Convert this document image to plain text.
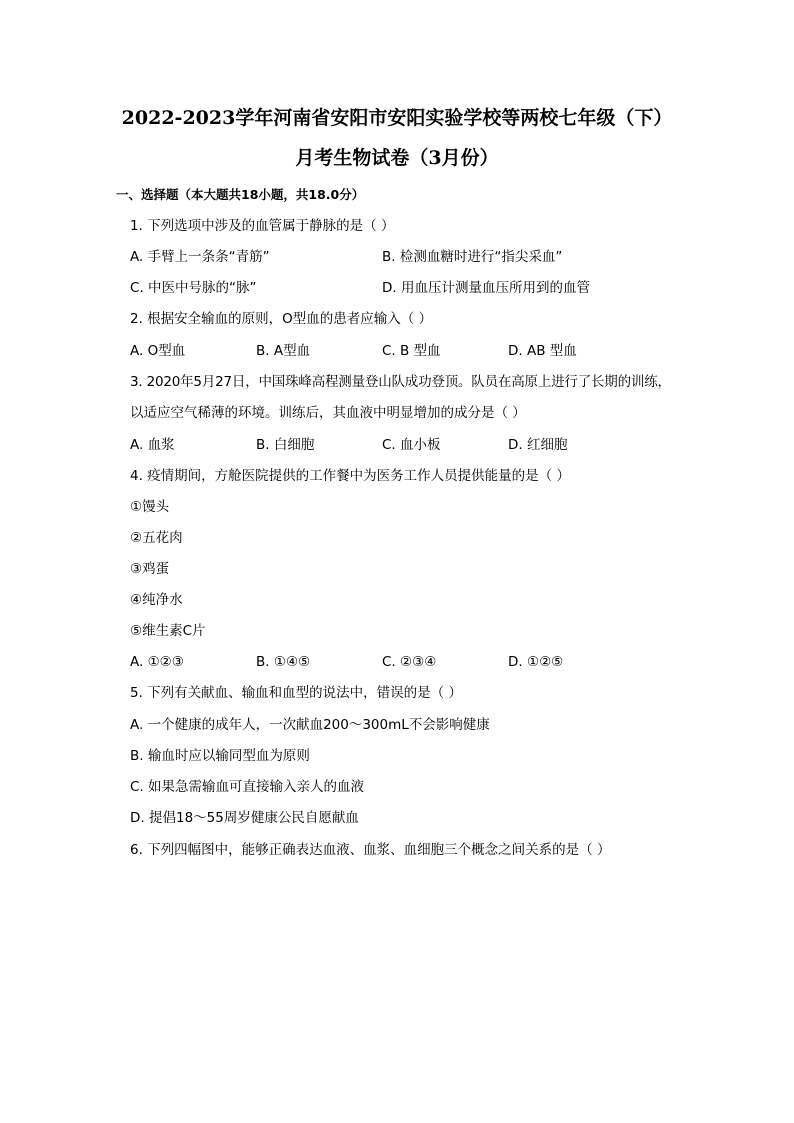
2022-2023学年河南省安阳市安阳实验学校等两校七年级（下）
月考生物试卷（3月份）
一、选择题（本大题共18小题，共18.0分）
1. 下列选项中涉及的血管属于静脉的是（ ）
A. 手臂上一条条“青筋”	B. 检测血糖时进行“指尖采血”
C. 中医中号脉的“脉”	D. 用血压计测量血压所用到的血管
2. 根据安全输血的原则，O型血的患者应输入（ ）
A. O型血	B. A型血	C. B 型血	D. AB 型血
3. 2020年5月27日，中国珠峰高程测量登山队成功登顶。队员在高原上进行了长期的训练，
以适应空气稀薄的环境。训练后，其血液中明显增加的成分是（ ）
A. 血浆	B. 白细胞	C. 血小板	D. 红细胞
4. 疫情期间，方舱医院提供的工作餐中为医务工作人员提供能量的是（ ）
①馒头
②五花肉
③鸡蛋
④纯净水
⑤维生素C片
A. ①②③	B. ①④⑤	C. ②③④	D. ①②⑤
5. 下列有关献血、输血和血型的说法中，错误的是（ ）
A. 一个健康的成年人，一次献血200～300mL不会影响健康
B. 输血时应以输同型血为原则
C. 如果急需输血可直接输入亲人的血液
D. 提倡18～55周岁健康公民自愿献血
6. 下列四幅图中，能够正确表达血液、血浆、血细胞三个概念之间关系的是（ ）
